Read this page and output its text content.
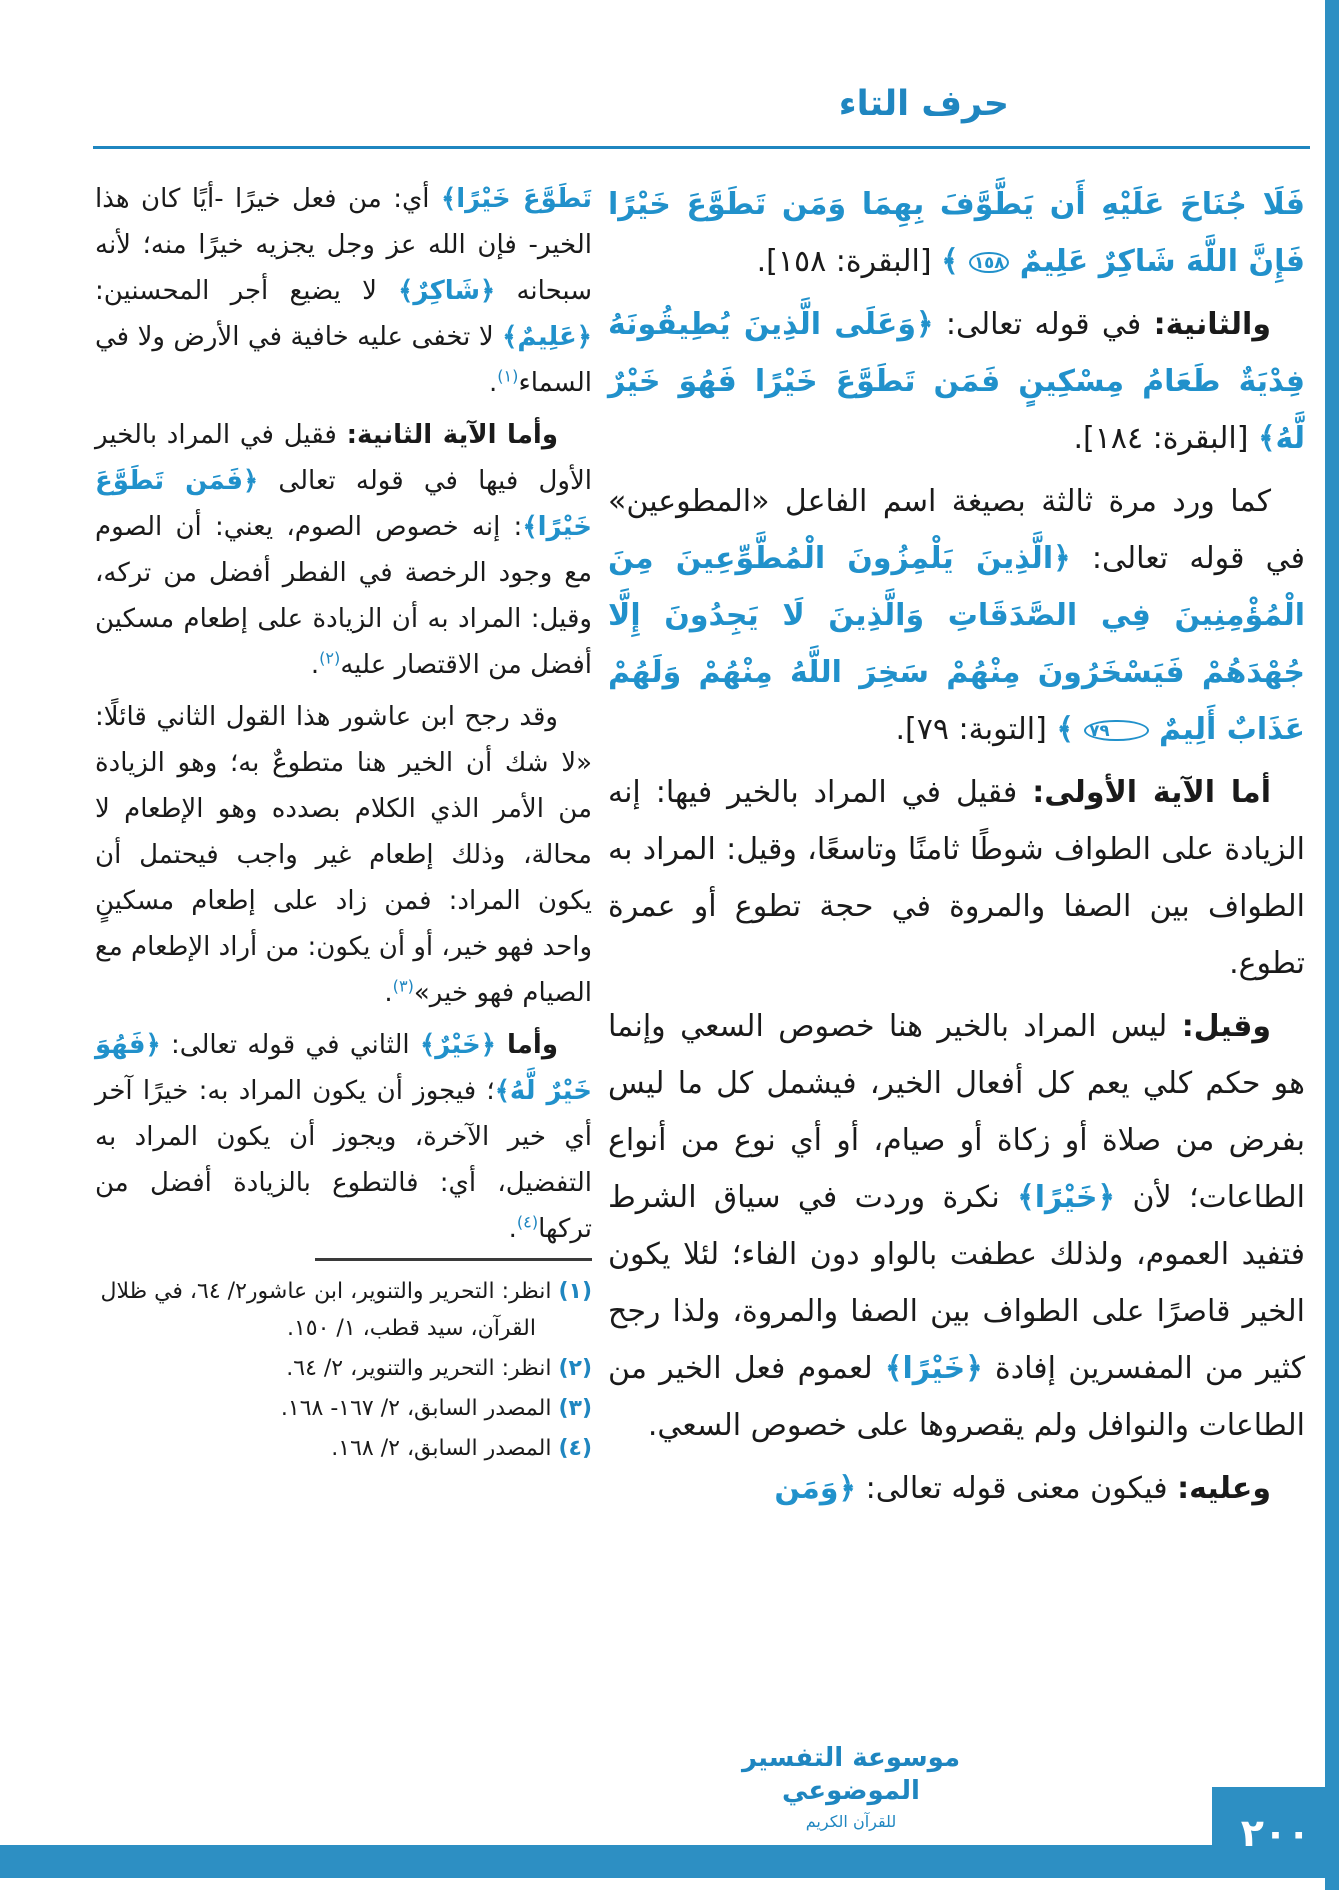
حرف التاء

فَلَا جُنَاحَ عَلَيْهِ أَن يَطَّوَّفَ بِهِمَا وَمَن تَطَوَّعَ خَيْرًا فَإِنَّ اللَّهَ شَاكِرٌ عَلِيمٌ ١٥٨ ﴾ [البقرة: ١٥٨].

والثانية: في قوله تعالى: ﴿وَعَلَى الَّذِينَ يُطِيقُونَهُ فِدْيَةٌ طَعَامُ مِسْكِينٍ فَمَن تَطَوَّعَ خَيْرًا فَهُوَ خَيْرٌ لَّهُ﴾ [البقرة: ١٨٤].

كما ورد مرة ثالثة بصيغة اسم الفاعل «المطوعين» في قوله تعالى: ﴿الَّذِينَ يَلْمِزُونَ الْمُطَّوِّعِينَ مِنَ الْمُؤْمِنِينَ فِي الصَّدَقَاتِ وَالَّذِينَ لَا يَجِدُونَ إِلَّا جُهْدَهُمْ فَيَسْخَرُونَ مِنْهُمْ سَخِرَ اللَّهُ مِنْهُمْ وَلَهُمْ عَذَابٌ أَلِيمٌ ٧٩ ﴾ [التوبة: ٧٩].

أما الآية الأولى: فقيل في المراد بالخير فيها: إنه الزيادة على الطواف شوطًا ثامنًا وتاسعًا، وقيل: المراد به الطواف بين الصفا والمروة في حجة تطوع أو عمرة تطوع.

وقيل: ليس المراد بالخير هنا خصوص السعي وإنما هو حكم كلي يعم كل أفعال الخير، فيشمل كل ما ليس بفرض من صلاة أو زكاة أو صيام، أو أي نوع من أنواع الطاعات؛ لأن ﴿خَيْرًا﴾ نكرة وردت في سياق الشرط فتفيد العموم، ولذلك عطفت بالواو دون الفاء؛ لئلا يكون الخير قاصرًا على الطواف بين الصفا والمروة، ولذا رجح كثير من المفسرين إفادة ﴿خَيْرًا﴾ لعموم فعل الخير من الطاعات والنوافل ولم يقصروها على خصوص السعي.

وعليه: فيكون معنى قوله تعالى: ﴿وَمَن

تَطَوَّعَ خَيْرًا﴾ أي: من فعل خيرًا -أيًا كان هذا الخير- فإن الله عز وجل يجزيه خيرًا منه؛ لأنه سبحانه ﴿شَاكِرٌ﴾ لا يضيع أجر المحسنين: ﴿عَلِيمٌ﴾ لا تخفى عليه خافية في الأرض ولا في السماء$^{(١)}$.

وأما الآية الثانية: فقيل في المراد بالخير الأول فيها في قوله تعالى ﴿فَمَن تَطَوَّعَ خَيْرًا﴾: إنه خصوص الصوم، يعني: أن الصوم مع وجود الرخصة في الفطر أفضل من تركه، وقيل: المراد به أن الزيادة على إطعام مسكين أفضل من الاقتصار عليه$^{(٢)}$.

وقد رجح ابن عاشور هذا القول الثاني قائلًا: «لا شك أن الخير هنا متطوعٌ به؛ وهو الزيادة من الأمر الذي الكلام بصدده وهو الإطعام لا محالة، وذلك إطعام غير واجب فيحتمل أن يكون المراد: فمن زاد على إطعام مسكينٍ واحد فهو خير، أو أن يكون: من أراد الإطعام مع الصيام فهو خير»$^{(٣)}$.

وأما ﴿خَيْرٌ﴾ الثاني في قوله تعالى: ﴿فَهُوَ خَيْرٌ لَّهُ﴾؛ فيجوز أن يكون المراد به: خيرًا آخر أي خير الآخرة، ويجوز أن يكون المراد به التفضيل، أي: فالتطوع بالزيادة أفضل من تركها$^{(٤)}$.

(١) انظر: التحرير والتنوير، ابن عاشور٢/ ٦٤، في ظلال القرآن، سيد قطب، ١/ ١٥٠.
(٢) انظر: التحرير والتنوير، ٢/ ٦٤.
(٣) المصدر السابق، ٢/ ١٦٧- ١٦٨.
(٤) المصدر السابق، ٢/ ١٦٨.
موسوعة التفسير الموضوعي
للقرآن الكريم	٢٠٠
